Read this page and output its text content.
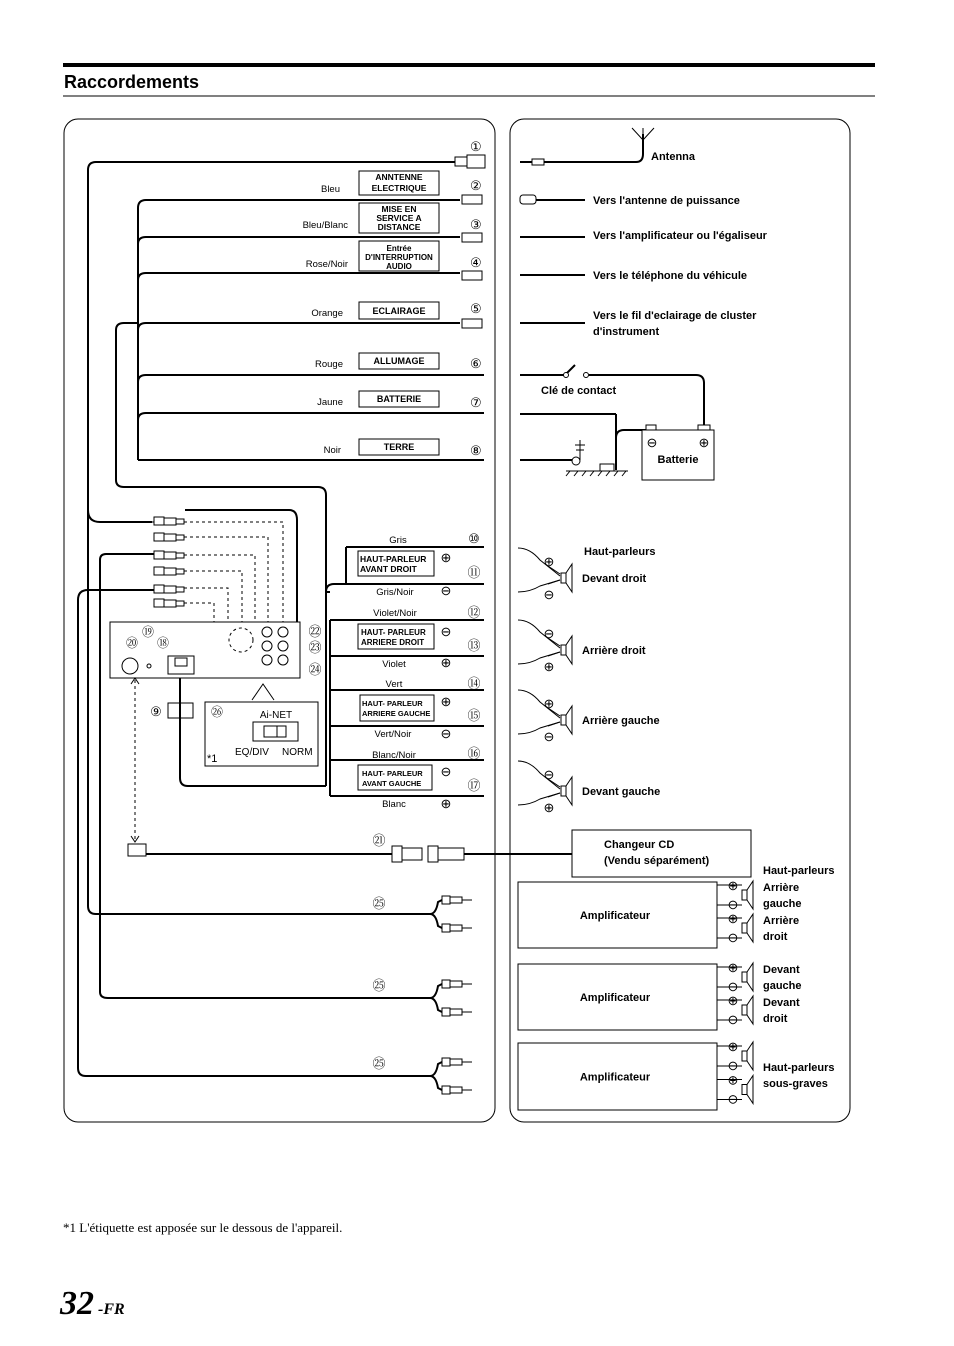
Raccordements
①
Antenna
②
Bleu
ANNTENNE
ELECTRIQUE
Vers l'antenne de puissance
③
Bleu/Blanc
MISE EN
SERVICE A
DISTANCE
Vers l'amplificateur ou l'égaliseur
④
Rose/Noir
Entrée
D'INTERRUPTION
AUDIO
Vers le téléphone du véhicule
⑤
Orange	ECLAIRAGE	Vers le fil d'eclairage de cluster
d'instrument
⑥
Rouge	ALLUMAGE
⑦
Jaune	BATTERIE
⑧
Noir	TERRE
Clé de contact
⊖	⊕
Batterie
⑲
⑳ ⑱
㉒
㉓
㉔
⑨	㉖	Ai-NET
*1
EQ/DIV NORM
Gris
Gris/Noir
HAUT-PARLEUR
AVANT DROIT
⊕
⊖
⑩
⑪
Violet/Noir
Violet
HAUT- PARLEUR
ARRIERE DROIT
⊖
⊕
⑫
⑬
Vert
Vert/Noir
HAUT- PARLEUR
ARRIERE GAUCHE
⊕
⊖
⑭
⑮
Blanc/Noir
Blanc
HAUT- PARLEUR
AVANT GAUCHE
⊖
⊕
⑯
⑰
Haut-parleurs
⊕
⊖
Devant droit
⊖
⊕
Arrière droit
⊕
⊖
Arrière gauche
⊖
⊕
Devant gauche
㉑	Changeur CD
(Vendu séparément)
㉕
㉕
㉕
Haut-parleurs
Amplificateur
⊕
⊖
⊕
⊖
Arrière
gauche
Arrière
droit
Amplificateur
⊕
⊖
⊕
⊖
Devant
gauche
Devant
droit
Amplificateur
⊕
⊖
⊕
⊖
Haut-parleurs
sous-graves
*1 L'étiquette est apposée sur le dessous de l'appareil.
32 -FR
